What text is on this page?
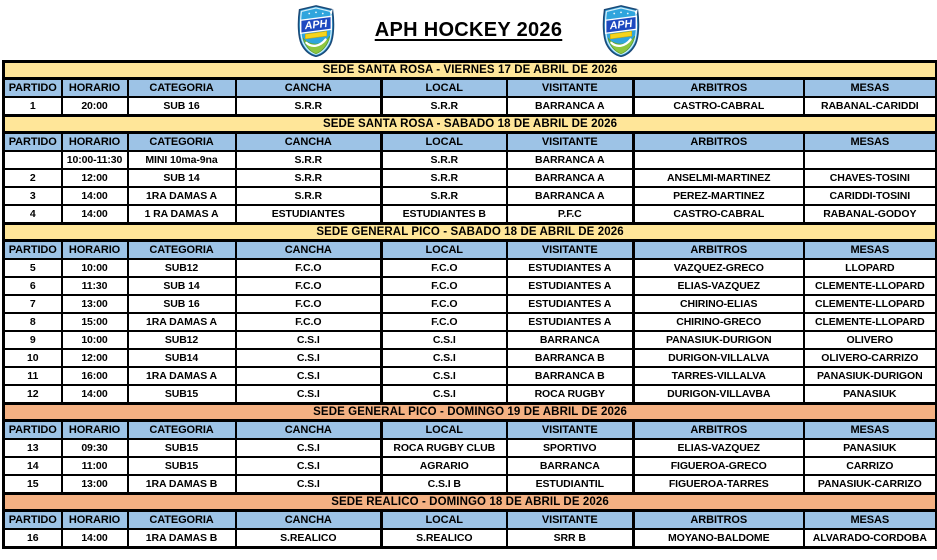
APH APH HOCKEY 2026	APH
SEDE SANTA ROSA - VIERNES 17 DE ABRIL DE 2026							
PARTIDO	HORARIO	CATEGORIA	CANCHA	LOCAL	VISITANTE	ARBITROS	MESAS
1	20:00	SUB 16	S.R.R	S.R.R	BARRANCA A	CASTRO-CABRAL	RABANAL-CARIDDI
SEDE SANTA ROSA - SABADO 18 DE ABRIL DE 2026							
PARTIDO	HORARIO	CATEGORIA	CANCHA	LOCAL	VISITANTE	ARBITROS	MESAS
	10:00-11:30	MINI 10ma-9na	S.R.R	S.R.R	BARRANCA A		
2	12:00	SUB 14	S.R.R	S.R.R	BARRANCA A	ANSELMI-MARTINEZ	CHAVES-TOSINI
3	14:00	1RA DAMAS A	S.R.R	S.R.R	BARRANCA A	PEREZ-MARTINEZ	CARIDDI-TOSINI
4	14:00	1 RA DAMAS A	ESTUDIANTES	ESTUDIANTES B	P.F.C	CASTRO-CABRAL	RABANAL-GODOY
SEDE GENERAL PICO - SABADO 18 DE ABRIL DE 2026							
PARTIDO	HORARIO	CATEGORIA	CANCHA	LOCAL	VISITANTE	ARBITROS	MESAS
5	10:00	SUB12	F.C.O	F.C.O	ESTUDIANTES A	VAZQUEZ-GRECO	LLOPARD
6	11:30	SUB 14	F.C.O	F.C.O	ESTUDIANTES A	ELIAS-VAZQUEZ	CLEMENTE-LLOPARD
7	13:00	SUB 16	F.C.O	F.C.O	ESTUDIANTES A	CHIRINO-ELIAS	CLEMENTE-LLOPARD
8	15:00	1RA DAMAS A	F.C.O	F.C.O	ESTUDIANTES A	CHIRINO-GRECO	CLEMENTE-LLOPARD
9	10:00	SUB12	C.S.I	C.S.I	BARRANCA	PANASIUK-DURIGON	OLIVERO
10	12:00	SUB14	C.S.I	C.S.I	BARRANCA B	DURIGON-VILLALVA	OLIVERO-CARRIZO
11	16:00	1RA DAMAS A	C.S.I	C.S.I	BARRANCA B	TARRES-VILLALVA	PANASIUK-DURIGON
12	14:00	SUB15	C.S.I	C.S.I	ROCA RUGBY	DURIGON-VILLAVBA	PANASIUK
SEDE GENERAL PICO - DOMINGO 19 DE ABRIL DE 2026							
PARTIDO	HORARIO	CATEGORIA	CANCHA	LOCAL	VISITANTE	ARBITROS	MESAS
13	09:30	SUB15	C.S.I	ROCA RUGBY CLUB	SPORTIVO	ELIAS-VAZQUEZ	PANASIUK
14	11:00	SUB15	C.S.I	AGRARIO	BARRANCA	FIGUEROA-GRECO	CARRIZO
15	13:00	1RA DAMAS B	C.S.I	C.S.I B	ESTUDIANTIL	FIGUEROA-TARRES	PANASIUK-CARRIZO
SEDE REALICO - DOMINGO 18 DE ABRIL DE 2026							
PARTIDO	HORARIO	CATEGORIA	CANCHA	LOCAL	VISITANTE	ARBITROS	MESAS
16	14:00	1RA DAMAS B	S.REALICO	S.REALICO	SRR B	MOYANO-BALDOME	ALVARADO-CORDOBA
